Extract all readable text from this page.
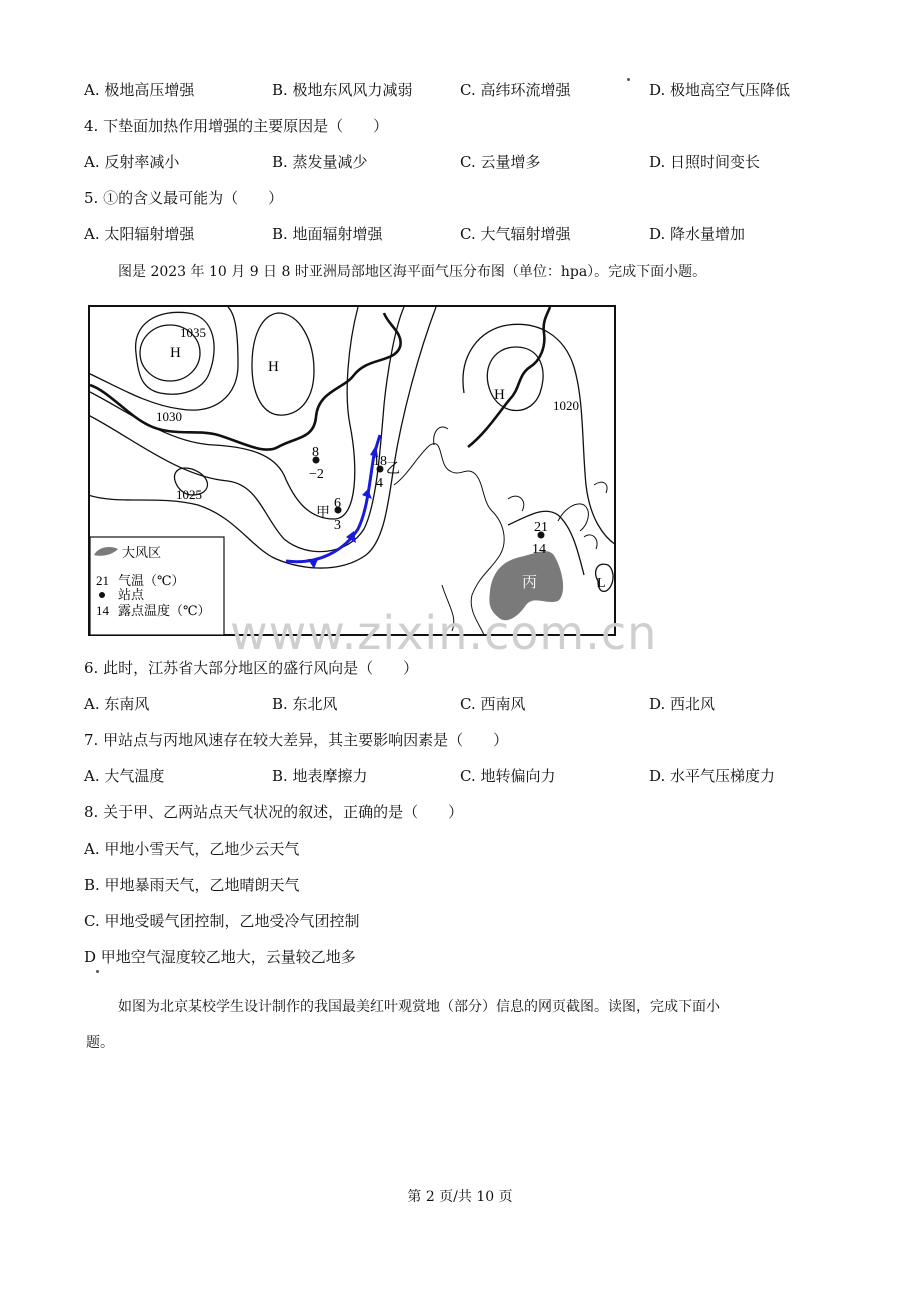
A. 极地高压增强	B. 极地东风风力减弱	C. 高纬环流增强	D. 极地高空气压降低
4. 下垫面加热作用增强的主要原因是（　　）
A. 反射率减小	B. 蒸发量减少	C. 云量增多	D. 日照时间变长
5. ①的含义最可能为（　　）
A. 太阳辐射增强	B. 地面辐射增强	C. 大气辐射增强	D. 降水量增加
图是 2023 年 10 月 9 日 8 时亚洲局部地区海平面气压分布图（单位：hpa）。完成下面小题。
H
H
H
L
1035
1030
1025
1020
丙
8
−2
甲
6
3
18
乙
4
21
14
大风区
21 气温（℃）
站点
14 露点温度（℃） www.zixin.com.cn
6. 此时，江苏省大部分地区的盛行风向是（　　）
A. 东南风	B. 东北风	C. 西南风	D. 西北风
7. 甲站点与丙地风速存在较大差异，其主要影响因素是（　　）
A. 大气温度	B. 地表摩擦力	C. 地转偏向力	D. 水平气压梯度力
8. 关于甲、乙两站点天气状况的叙述，正确的是（　　）
A. 甲地小雪天气，乙地少云天气
B. 甲地暴雨天气，乙地晴朗天气
C. 甲地受暖气团控制，乙地受冷气团控制
D 甲地空气湿度较乙地大，云量较乙地多
如图为北京某校学生设计制作的我国最美红叶观赏地（部分）信息的网页截图。读图，完成下面小
题。
第 2 页/共 10 页
